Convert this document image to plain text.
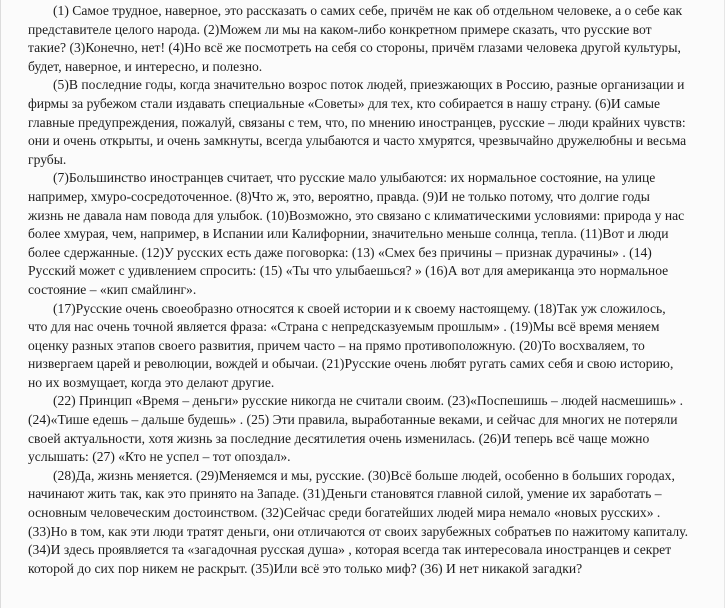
(1) Самое трудное, наверное, это рассказать о самих себе, причём не как об отдельном человеке, а о себе как представителе целого народа. (2)Можем ли мы на каком-либо конкретном примере сказать, что русские вот такие? (3)Конечно, нет! (4)Но всё же посмотреть на себя со стороны, причём глазами человека другой культуры, будет, наверное, и интересно, и полезно.

(5)В последние годы, когда значительно возрос поток людей, приезжающих в Россию, разные организации и фирмы за рубежом стали издавать специальные «Советы» для тех, кто собирается в нашу страну. (6)И самые главные предупреждения, пожалуй, связаны с тем, что, по мнению иностранцев, русские – люди крайних чувств: они и очень открыты, и очень замкнуты, всегда улыбаются и часто хмурятся, чрезвычайно дружелюбны и весьма грубы.

(7)Большинство иностранцев считает, что русские мало улыбаются: их нормальное состояние, на улице например, хмуро-сосредоточенное. (8)Что ж, это, вероятно, правда. (9)И не только потому, что долгие годы жизнь не давала нам повода для улыбок. (10)Возможно, это связано с климатическими условиями: природа у нас более хмурая, чем, например, в Испании или Калифорнии, значительно меньше солнца, тепла. (11)Вот и люди более сдержанные. (12)У русских есть даже поговорка: (13) «Смех без причины – признак дурачины» . (14) Русский может с удивлением спросить: (15) «Ты что улыбаешься? » (16)А вот для американца это нормальное состояние – «кип смайлинг».

(17)Русские очень своеобразно относятся к своей истории и к своему настоящему. (18)Так уж сложилось, что для нас очень точной является фраза: «Страна с непредсказуемым прошлым» . (19)Мы всё время меняем оценку разных этапов своего развития, причем часто – на прямо противоположную. (20)То восхваляем, то низвергаем царей и революции, вождей и обычаи. (21)Русские очень любят ругать самих себя и свою историю, но их возмущает, когда это делают другие.

(22) Принцип «Время – деньги» русские никогда не считали своим. (23)«Поспешишь – людей насмешишь» . (24)«Тише едешь – дальше будешь» . (25) Эти правила, выработанные веками, и сейчас для многих не потеряли своей актуальности, хотя жизнь за последние десятилетия очень изменилась. (26)И теперь всё чаще можно услышать: (27) «Кто не успел – тот опоздал».

(28)Да, жизнь меняется. (29)Меняемся и мы, русские. (30)Всё больше людей, особенно в больших городах, начинают жить так, как это принято на Западе. (31)Деньги становятся главной силой, умение их заработать – основным человеческим достоинством. (32)Сейчас среди богатейших людей мира немало «новых русских» . (33)Но в том, как эти люди тратят деньги, они отличаются от своих зарубежных собратьев по нажитому капиталу. (34)И здесь проявляется та «загадочная русская душа» , которая всегда так интересовала иностранцев и секрет которой до сих пор никем не раскрыт. (35)Или всё это только миф? (36) И нет никакой загадки?
